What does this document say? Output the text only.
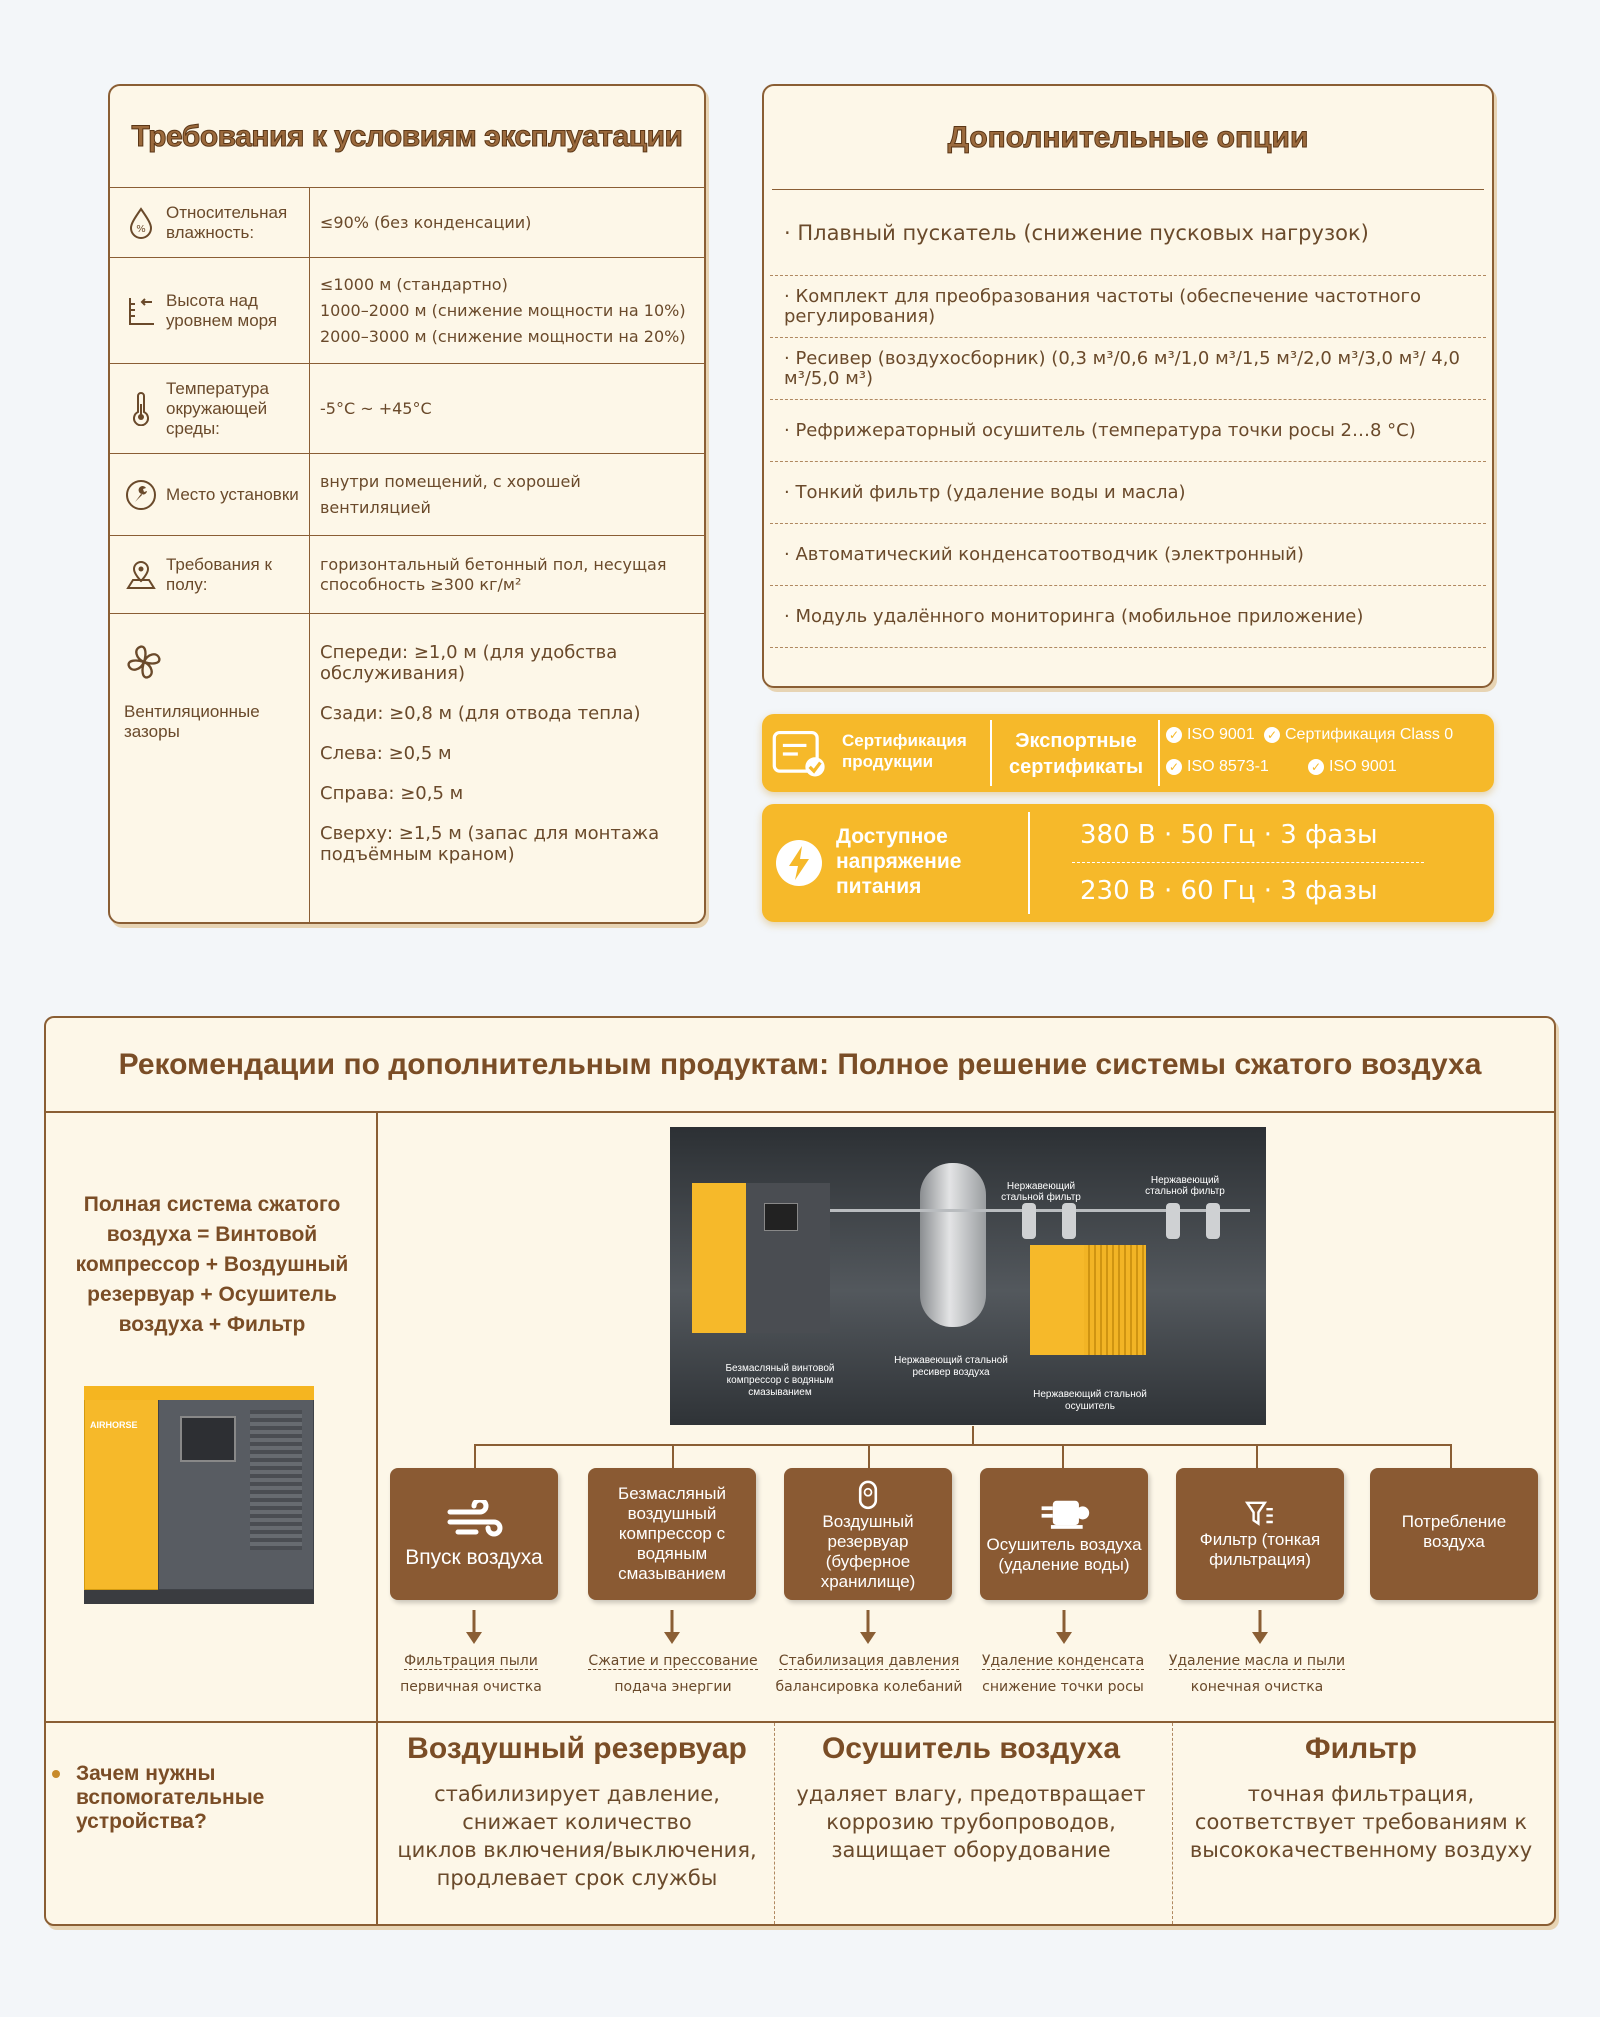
Требования к условиям эксплуатации
%
Относительная влажность:
≤90% (без конденсации)
Высота над уровнем моря
≤1000 м (стандартно)
1000–2000 м (снижение мощности на 10%)
2000–3000 м (снижение мощности на 20%)
Температура окружающей среды:
-5°C ~ +45°C
Место установки
внутри помещений, с хорошей вентиляцией
Требования к полу:
горизонтальный бетонный пол, несущая способность ≥300 кг/м²
Вентиляционные зазоры
Спереди: ≥1,0 м (для удобства обслуживания)
Сзади: ≥0,8 м (для отвода тепла)
Слева: ≥0,5 м
Справа: ≥0,5 м
Сверху: ≥1,5 м (запас для монтажа подъёмным краном)
Дополнительные опции
· Плавный пускатель (снижение пусковых нагрузок)
· Комплект для преобразования частоты (обеспечение частотного регулирования)
· Ресивер (воздухосборник) (0,3 м³/0,6 м³/1,0 м³/1,5 м³/2,0 м³/3,0 м³/ 4,0 м³/5,0 м³)
· Рефрижераторный осушитель (температура точки росы 2…8 °C)
· Тонкий фильтр (удаление воды и масла)
· Автоматический конденсатоотводчик (электронный)
· Модуль удалённого мониторинга (мобильное приложение)
Сертификация продукции
Экспортные сертификаты
✓ ISO 9001 ✓ Сертификация Class 0
✓ ISO 8573-1	✓ ISO 9001
Доступное напряжение питания
380 В · 50 Гц · 3 фазы
230 В · 60 Гц · 3 фазы
Рекомендации по дополнительным продуктам: Полное решение системы сжатого воздуха
Полная система сжатого воздуха = Винтовой компрессор + Воздушный резервуар + Осушитель воздуха + Фильтр
AIRHORSE
Нержавеющий стальной фильтр
Нержавеющий стальной фильтр
Безмасляный винтовой компрессор с водяным смазыванием
Нержавеющий стальной ресивер воздуха
Нержавеющий стальной осушитель
Впуск воздуха
Безмасляный воздушный компрессор с водяным смазыванием
Воздушный резервуар (буферное хранилище)
Осушитель воздуха (удаление воды)
Фильтр (тонкая фильтрация)
Потребление воздуха
Фильтрация пыли
первичная очистка
Сжатие и прессование
подача энергии
Стабилизация давления
балансировка колебаний
Удаление конденсата
снижение точки росы
Удаление масла и пыли
конечная очистка
Зачем нужны вспомогательные устройства?
Воздушный резервуар
стабилизирует давление,
снижает количество
циклов включения/выключения,
продлевает срок службы
Осушитель воздуха
удаляет влагу, предотвращает
коррозию трубопроводов,
защищает оборудование
Фильтр
точная фильтрация,
соответствует требованиям к
высококачественному воздуху
